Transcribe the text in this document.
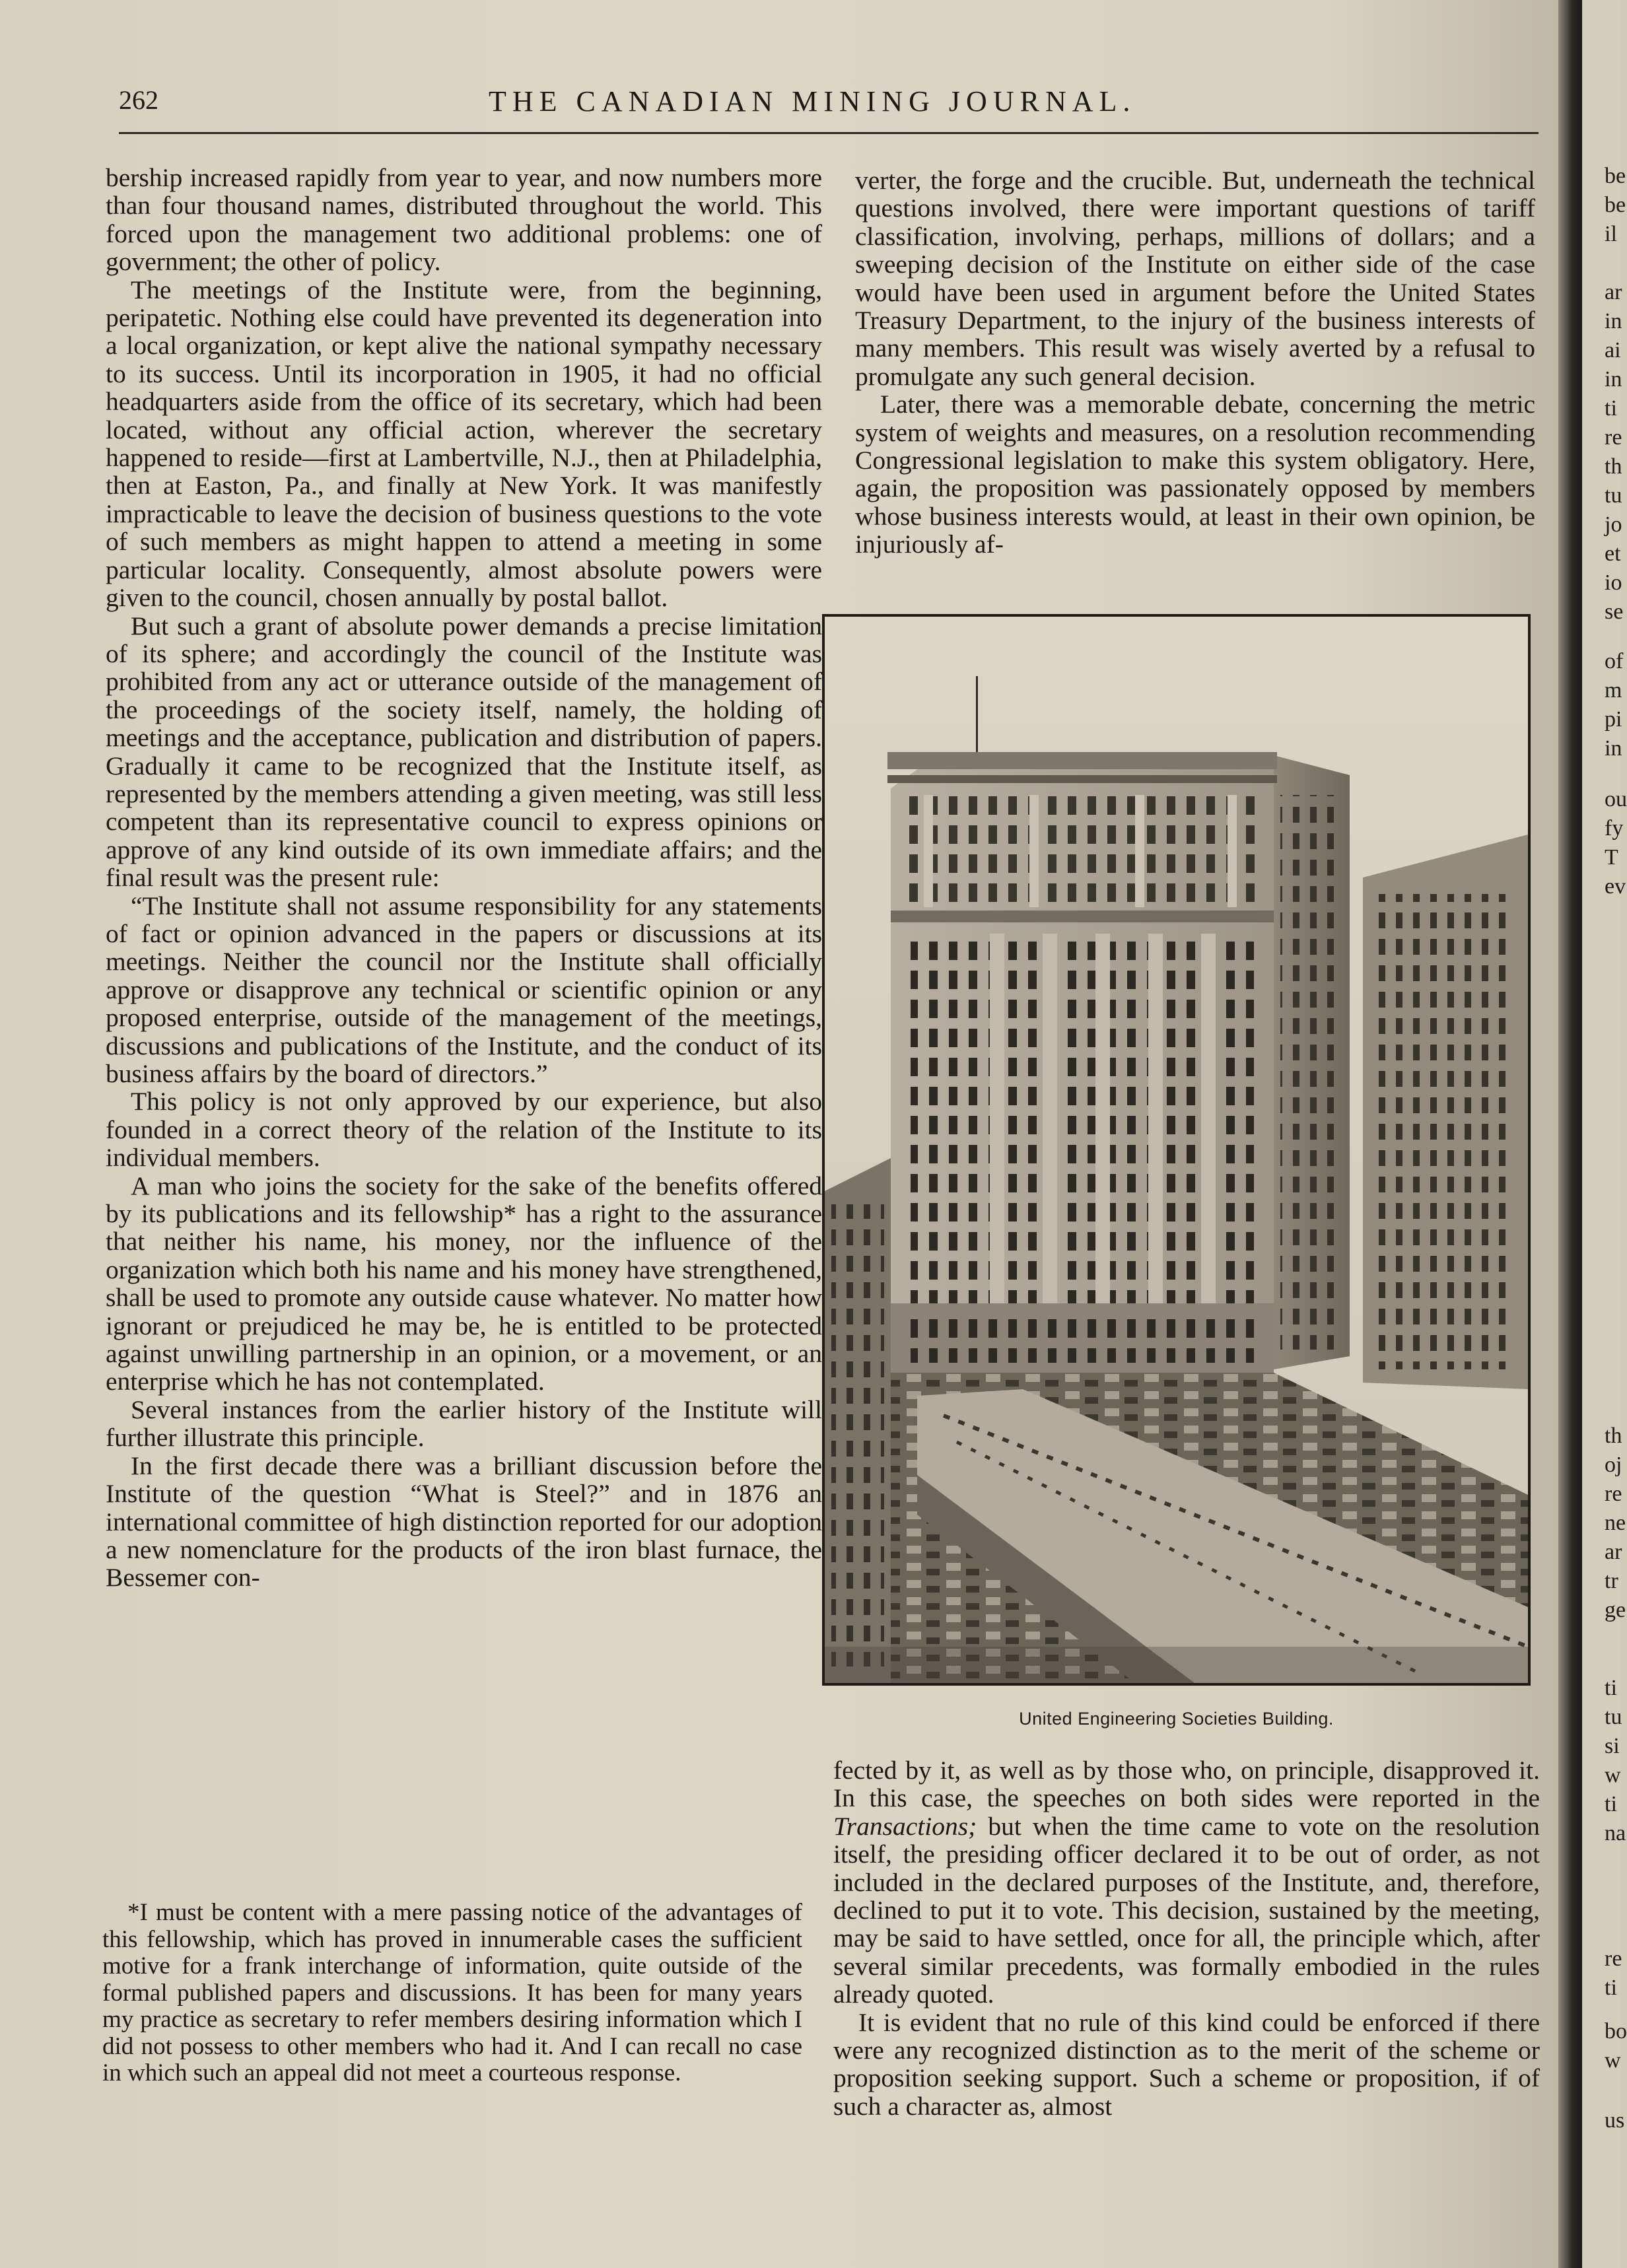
262	THE CANADIAN MINING JOURNAL.

bership increased rapidly from year to year, and now numbers more than four thousand names, distributed throughout the world. This forced upon the management two additional problems: one of government; the other of policy.

The meetings of the Institute were, from the beginning, peripatetic. Nothing else could have prevented its degeneration into a local organization, or kept alive the national sympathy necessary to its success. Until its incorporation in 1905, it had no official headquarters aside from the office of its secretary, which had been located, without any official action, wherever the secretary happened to reside—first at Lambertville, N.J., then at Philadelphia, then at Easton, Pa., and finally at New York. It was manifestly impracticable to leave the decision of business questions to the vote of such members as might happen to attend a meeting in some particular locality. Consequently, almost absolute powers were given to the council, chosen annually by postal ballot.

But such a grant of absolute power demands a precise limitation of its sphere; and accordingly the council of the Institute was prohibited from any act or utterance outside of the management of the proceedings of the society itself, namely, the holding of meetings and the acceptance, publication and distribution of papers. Gradually it came to be recognized that the Institute itself, as represented by the members attending a given meeting, was still less competent than its representative council to express opinions or approve of any kind outside of its own immediate affairs; and the final result was the present rule:

“The Institute shall not assume responsibility for any statements of fact or opinion advanced in the papers or discussions at its meetings. Neither the council nor the Institute shall officially approve or disapprove any technical or scientific opinion or any proposed enterprise, outside of the management of the meetings, discussions and publications of the Institute, and the conduct of its business affairs by the board of directors.”

This policy is not only approved by our experience, but also founded in a correct theory of the relation of the Institute to its individual members.

A man who joins the society for the sake of the benefits offered by its publications and its fellowship* has a right to the assurance that neither his name, his money, nor the influence of the organization which both his name and his money have strengthened, shall be used to promote any outside cause whatever. No matter how ignorant or prejudiced he may be, he is entitled to be protected against unwilling partnership in an opinion, or a movement, or an enterprise which he has not contemplated.

Several instances from the earlier history of the Institute will further illustrate this principle.

In the first decade there was a brilliant discussion before the Institute of the question “What is Steel?” and in 1876 an international committee of high distinction reported for our adoption a new nomenclature for the products of the iron blast furnace, the Bessemer con-

*I must be content with a mere passing notice of the advantages of this fellowship, which has proved in innumerable cases the sufficient motive for a frank interchange of information, quite outside of the formal published papers and discussions. It has been for many years my practice as secretary to refer members desiring information which I did not possess to other members who had it. And I can recall no case in which such an appeal did not meet a courteous response.

verter, the forge and the crucible. But, underneath the technical questions involved, there were important questions of tariff classification, involving, perhaps, millions of dollars; and a sweeping decision of the Institute on either side of the case would have been used in argument before the United States Treasury Department, to the injury of the business interests of many members. This result was wisely averted by a refusal to promulgate any such general decision.

Later, there was a memorable debate, concerning the metric system of weights and measures, on a resolution recommending Congressional legislation to make this system obligatory. Here, again, the proposition was passionately opposed by members whose business interests would, at least in their own opinion, be injuriously af-

United Engineering Societies Building.

fected by it, as well as by those who, on principle, disapproved it. In this case, the speeches on both sides were reported in the Transactions; but when the time came to vote on the resolution itself, the presiding officer declared it to be out of order, as not included in the declared purposes of the Institute, and, therefore, declined to put it to vote. This decision, sustained by the meeting, may be said to have settled, once for all, the principle which, after several similar precedents, was formally embodied in the rules already quoted.

It is evident that no rule of this kind could be enforced if there were any recognized distinction as to the merit of the scheme or proposition seeking support. Such a scheme or proposition, if of such a character as, almost

be
be
il
ar
in
ai
in
ti
re
th
tu
jo
et
io
se
of
m
pi
in
ou
fy
T
ev
th
oj
re
ne
ar
tr
ge
ti
tu
si
w
ti
na
re
ti
bo
w
us
